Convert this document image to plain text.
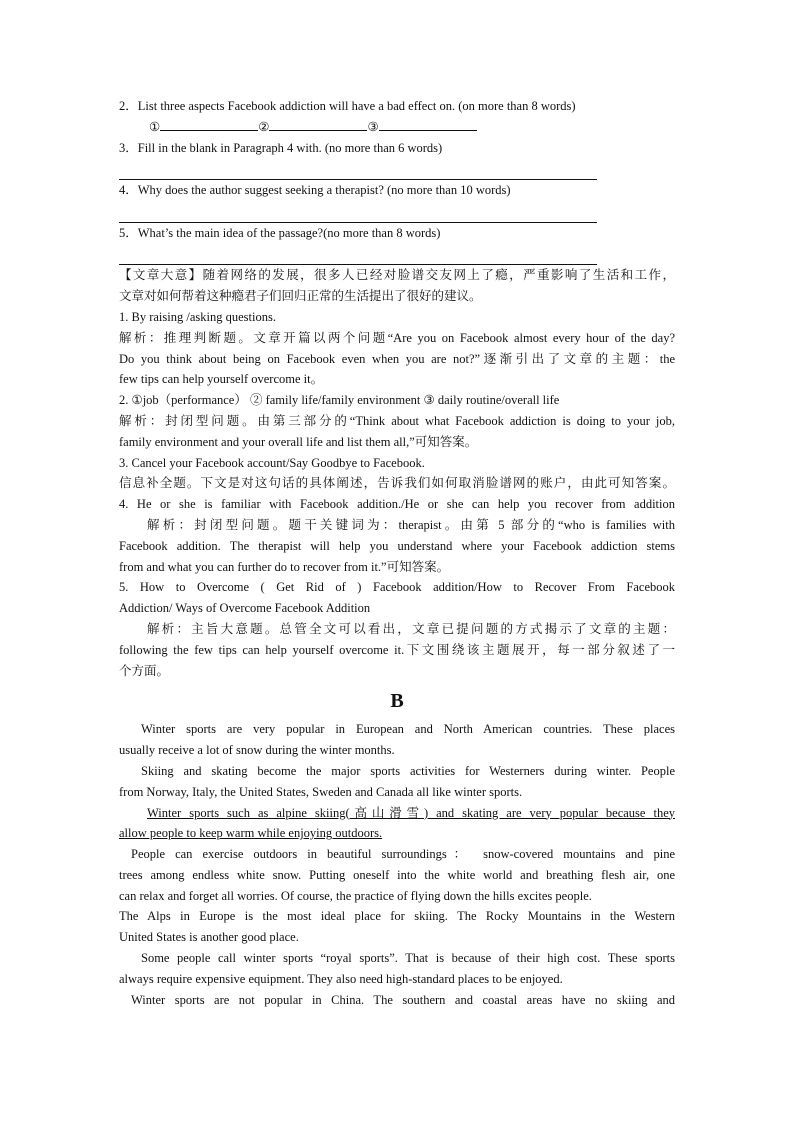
2．List three aspects Facebook addiction will have a bad effect on. (on more than 8 words)
①	②	③
3．Fill in the blank in Paragraph 4 with. (no more than 6 words)
4．Why does the author suggest seeking a therapist? (no more than 10 words)
5．What’s the main idea of the passage?(no more than 8 words)
【文章大意】随着网络的发展，很多人已经对脸谱交友网上了瘾，严重影响了生活和工作，
文章对如何帮着这种瘾君子们回归正常的生活提出了很好的建议。
1. By raising /asking questions.
解析：推理判断题。文章开篇以两个问题“Are you on Facebook almost every hour of the day?
Do you think about being on Facebook even when you are not?”逐渐引出了文章的主题：the
few tips can help yourself overcome it。
2. ①job（performance） ② family life/family environment ③ daily routine/overall life
解析：封闭型问题。由第三部分的“Think about what Facebook addiction is doing to your job,
family environment and your overall life and list them all,”可知答案。
3. Cancel your Facebook account/Say Goodbye to Facebook.
信息补全题。下文是对这句话的具体阐述，告诉我们如何取消脸谱网的账户，由此可知答案。
4. He or she is familiar with Facebook addition./He or she can help you recover from addition
解析：封闭型问题。题干关键词为：therapist。由第 5 部分的“who is families with
Facebook addition. The therapist will help you understand where your Facebook addiction stems
from and what you can further do to recover from it.”可知答案。
5. How to Overcome ( Get Rid of ) Facebook addition/How to Recover From Facebook
Addiction/ Ways of Overcome Facebook Addition
解析：主旨大意题。总管全文可以看出，文章已提问题的方式揭示了文章的主题：
following the few tips can help yourself overcome it.下文围绕该主题展开，每一部分叙述了一
个方面。
B
Winter sports are very popular in European and North American countries. These places
usually receive a lot of snow during the winter months.
Skiing and skating become the major sports activities for Westerners during winter. People
from Norway, Italy, the United States, Sweden and Canada all like winter sports.
Winter sports such as alpine skiing(高山滑雪) and skating are very popular because they
allow people to keep warm while enjoying outdoors.
People can exercise outdoors in beautiful surroundings： snow-covered mountains and pine
trees among endless white snow. Putting oneself into the white world and breathing flesh air, one
can relax and forget all worries. Of course, the practice of flying down the hills excites people.
The Alps in Europe is the most ideal place for skiing. The Rocky Mountains in the Western
United States is another good place.
Some people call winter sports “royal sports”. That is because of their high cost. These sports
always require expensive equipment. They also need high-standard places to be enjoyed.
Winter sports are not popular in China. The southern and coastal areas have no skiing and
